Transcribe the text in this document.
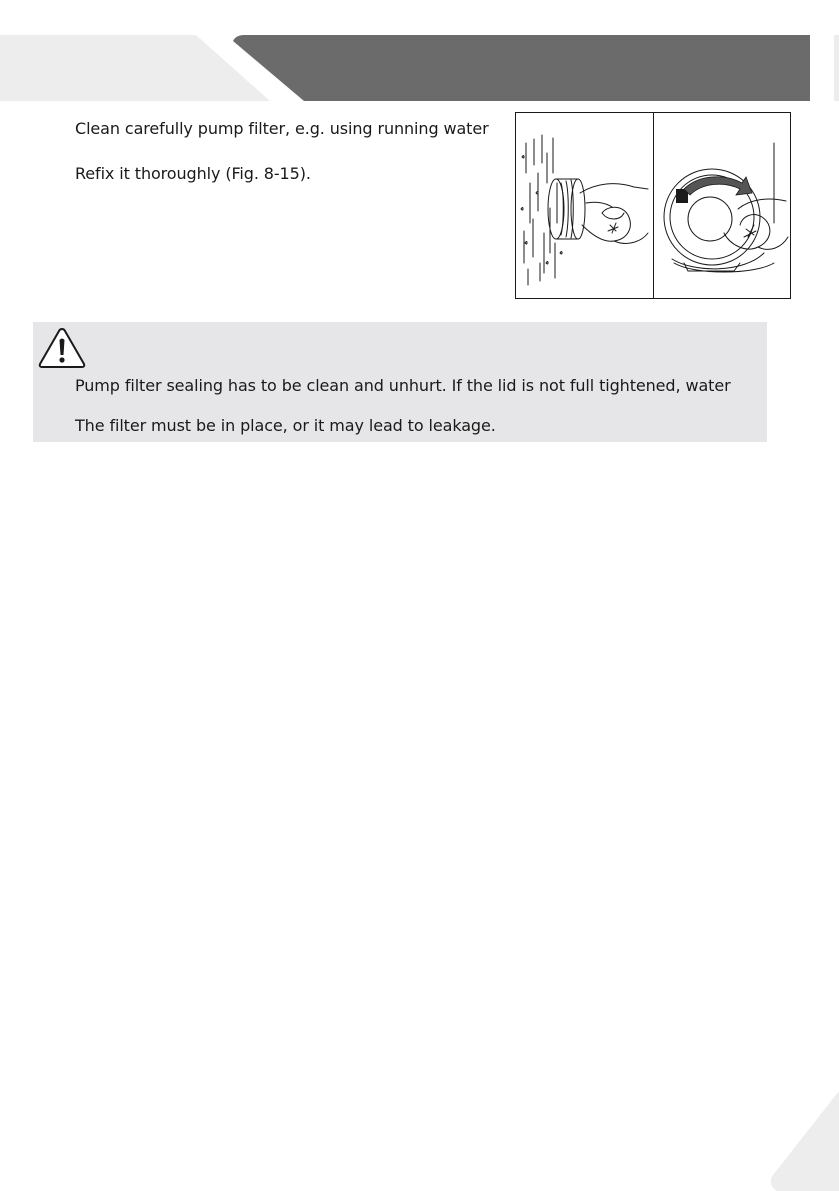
Clean carefully pump filter, e.g. using running water
Refix it thoroughly (Fig. 8-15).
Pump filter sealing has to be clean and unhurt. If the lid is not full tightened, water
The filter must be in place, or it may lead to leakage.
